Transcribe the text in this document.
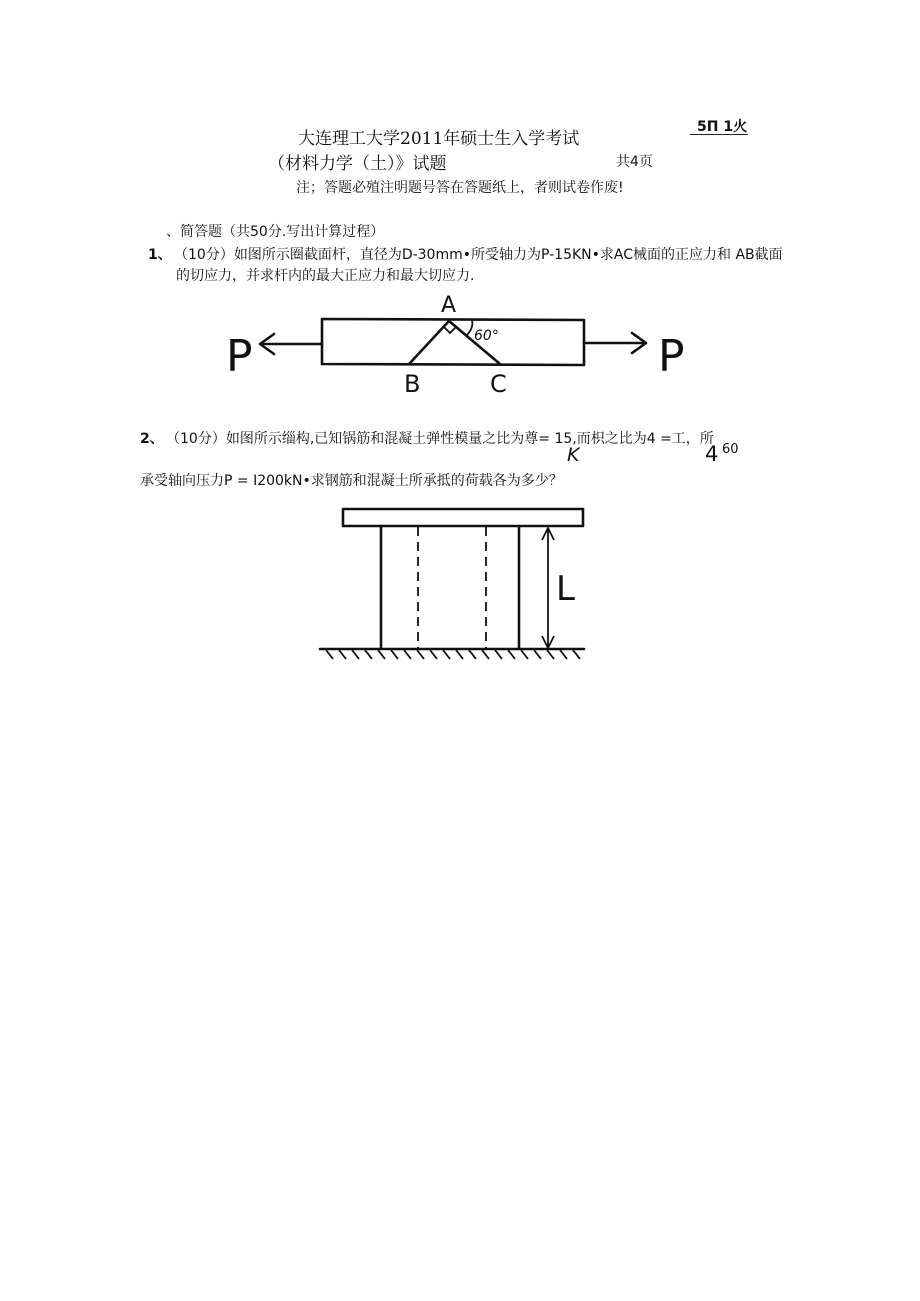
大连理工大学2011年硕士生入学考试
5П 1火
（材料力学（土）》试题	共4页
注；答题必殖注明题号答在答题纸上，者则试卷作废!
、简答题（共50分.写出计算过程）
1、 （10分）如图所示圈截面杆，直径为D-30mm•所受轴力为P-15KN•求AC械面的正应力和 AB截面
的切应力，并求杆内的最大正应力和最大切应力.
P	P
A
B	C
60°
2、 （10分）如图所示缁构,已知锅筋和混凝土弹性模量之比为尊= 15,而枳之比为4 =工，所
K	4 60
承受轴向压力P = I200kN•求钢筋和混凝土所承抵的荷载各为多少？
L
